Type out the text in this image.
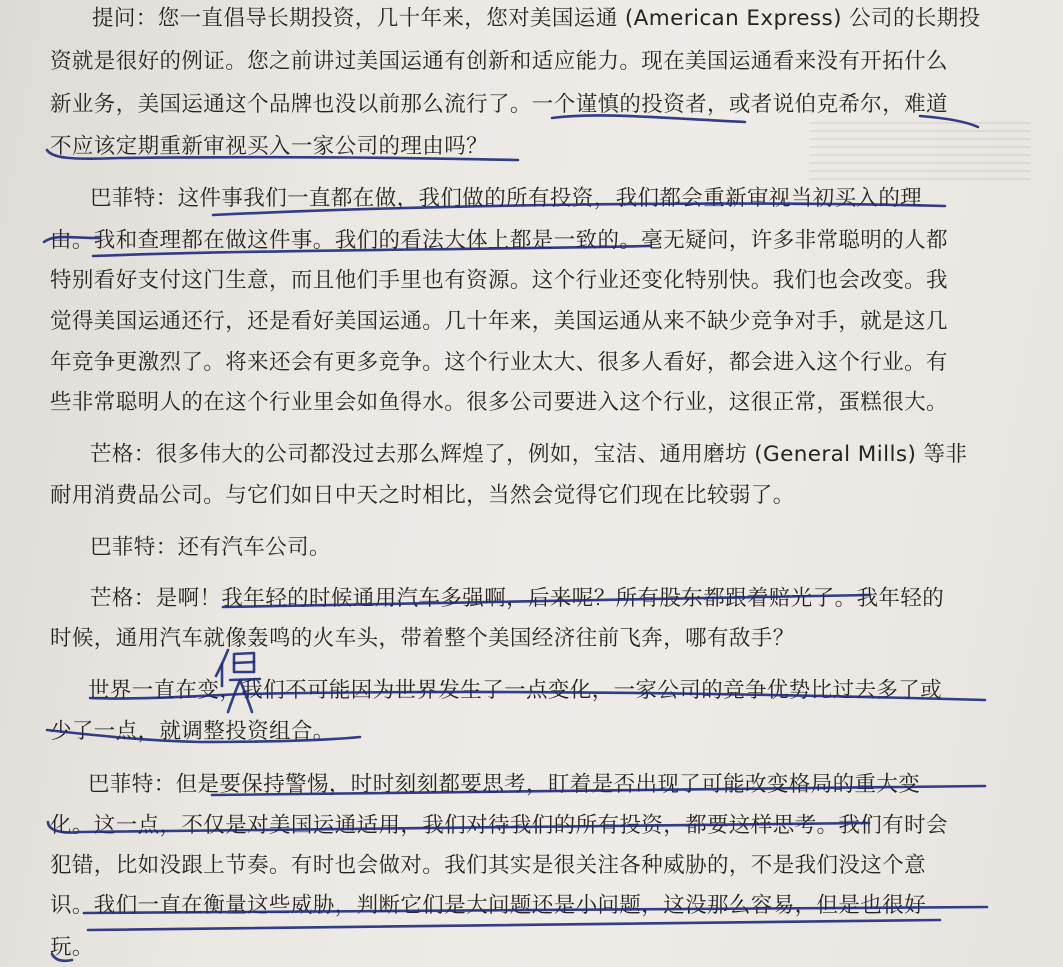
提问：您一直倡导长期投资，几十年来，您对美国运通 (American Express) 公司的长期投
资就是很好的例证。您之前讲过美国运通有创新和适应能力。现在美国运通看来没有开拓什么
新业务，美国运通这个品牌也没以前那么流行了。一个谨慎的投资者，或者说伯克希尔，难道
不应该定期重新审视买入一家公司的理由吗？
巴菲特：这件事我们一直都在做，我们做的所有投资，我们都会重新审视当初买入的理
由。我和查理都在做这件事。我们的看法大体上都是一致的。毫无疑问，许多非常聪明的人都
特别看好支付这门生意，而且他们手里也有资源。这个行业还变化特别快。我们也会改变。我
觉得美国运通还行，还是看好美国运通。几十年来，美国运通从来不缺少竞争对手，就是这几
年竞争更激烈了。将来还会有更多竞争。这个行业太大、很多人看好，都会进入这个行业。有
些非常聪明人的在这个行业里会如鱼得水。很多公司要进入这个行业，这很正常，蛋糕很大。
芒格：很多伟大的公司都没过去那么辉煌了，例如，宝洁、通用磨坊 (General Mills) 等非
耐用消费品公司。与它们如日中天之时相比，当然会觉得它们现在比较弱了。
巴菲特：还有汽车公司。
芒格：是啊！我年轻的时候通用汽车多强啊，后来呢？所有股东都跟着赔光了。我年轻的
时候，通用汽车就像轰鸣的火车头，带着整个美国经济往前飞奔，哪有敌手？
世界一直在变，我们不可能因为世界发生了一点变化，一家公司的竞争优势比过去多了或
少了一点，就调整投资组合。
巴菲特：但是要保持警惕，时时刻刻都要思考，盯着是否出现了可能改变格局的重大变
化。这一点，不仅是对美国运通适用，我们对待我们的所有投资，都要这样思考。我们有时会
犯错，比如没跟上节奏。有时也会做对。我们其实是很关注各种威胁的，不是我们没这个意
识。我们一直在衡量这些威胁，判断它们是大问题还是小问题，这没那么容易，但是也很好
玩。
